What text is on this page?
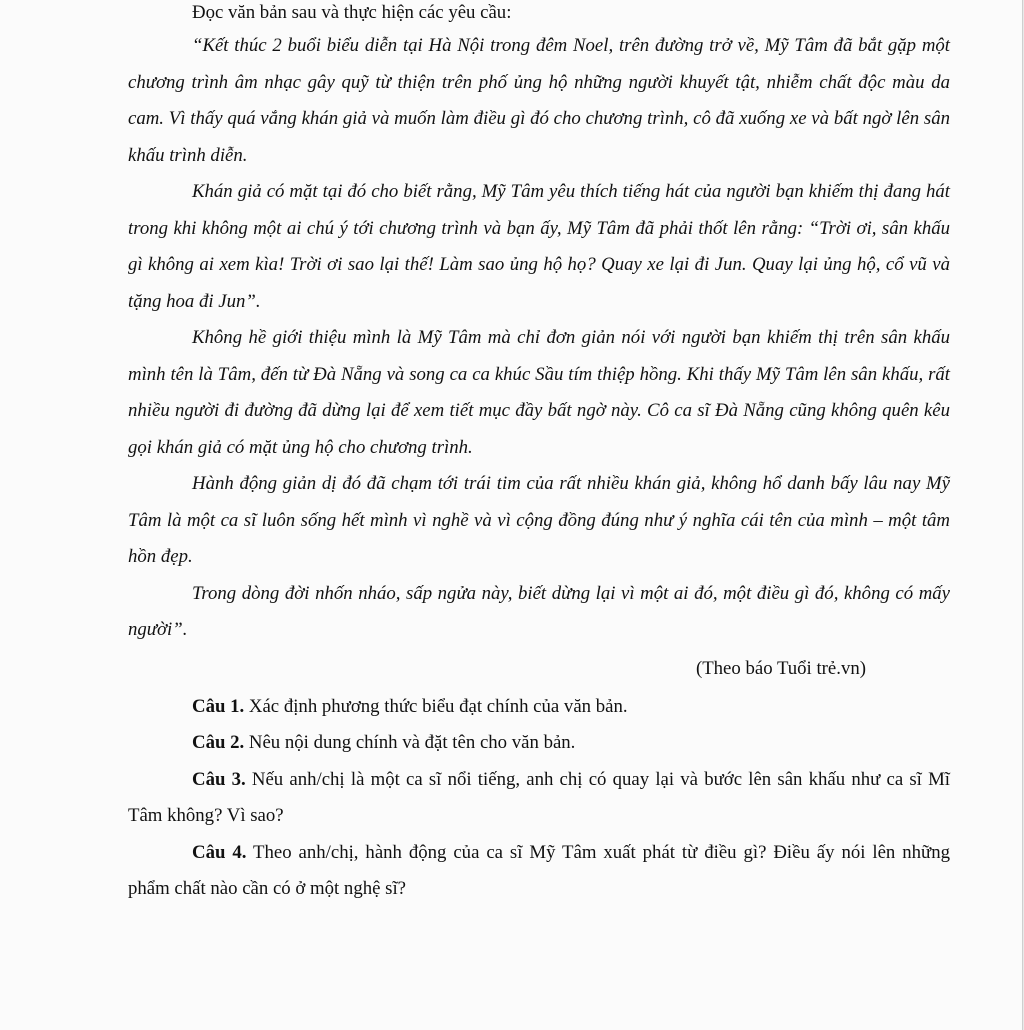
Đọc văn bản sau và thực hiện các yêu cầu:

“Kết thúc 2 buổi biểu diễn tại Hà Nội trong đêm Noel, trên đường trở về, Mỹ Tâm đã bắt gặp một chương trình âm nhạc gây quỹ từ thiện trên phố ủng hộ những người khuyết tật, nhiễm chất độc màu da cam. Vì thấy quá vắng khán giả và muốn làm điều gì đó cho chương trình, cô đã xuống xe và bất ngờ lên sân khấu trình diễn.

Khán giả có mặt tại đó cho biết rằng, Mỹ Tâm yêu thích tiếng hát của người bạn khiếm thị đang hát trong khi không một ai chú ý tới chương trình và bạn ấy, Mỹ Tâm đã phải thốt lên rằng: “Trời ơi, sân khấu gì không ai xem kìa! Trời ơi sao lại thế! Làm sao ủng hộ họ? Quay xe lại đi Jun. Quay lại ủng hộ, cổ vũ và tặng hoa đi Jun”.

Không hề giới thiệu mình là Mỹ Tâm mà chỉ đơn giản nói với người bạn khiếm thị trên sân khấu mình tên là Tâm, đến từ Đà Nẵng và song ca ca khúc Sầu tím thiệp hồng. Khi thấy Mỹ Tâm lên sân khấu, rất nhiều người đi đường đã dừng lại để xem tiết mục đầy bất ngờ này. Cô ca sĩ Đà Nẵng cũng không quên kêu gọi khán giả có mặt ủng hộ cho chương trình.

Hành động giản dị đó đã chạm tới trái tim của rất nhiều khán giả, không hổ danh bấy lâu nay Mỹ Tâm là một ca sĩ luôn sống hết mình vì nghề và vì cộng đồng đúng như ý nghĩa cái tên của mình – một tâm hồn đẹp.

Trong dòng đời nhốn nháo, sấp ngửa này, biết dừng lại vì một ai đó, một điều gì đó, không có mấy người”.

(Theo báo Tuổi trẻ.vn)

Câu 1. Xác định phương thức biểu đạt chính của văn bản.

Câu 2. Nêu nội dung chính và đặt tên cho văn bản.

Câu 3. Nếu anh/chị là một ca sĩ nổi tiếng, anh chị có quay lại và bước lên sân khấu như ca sĩ Mĩ Tâm không? Vì sao?

Câu 4. Theo anh/chị, hành động của ca sĩ Mỹ Tâm xuất phát từ điều gì? Điều ấy nói lên những phẩm chất nào cần có ở một nghệ sĩ?
